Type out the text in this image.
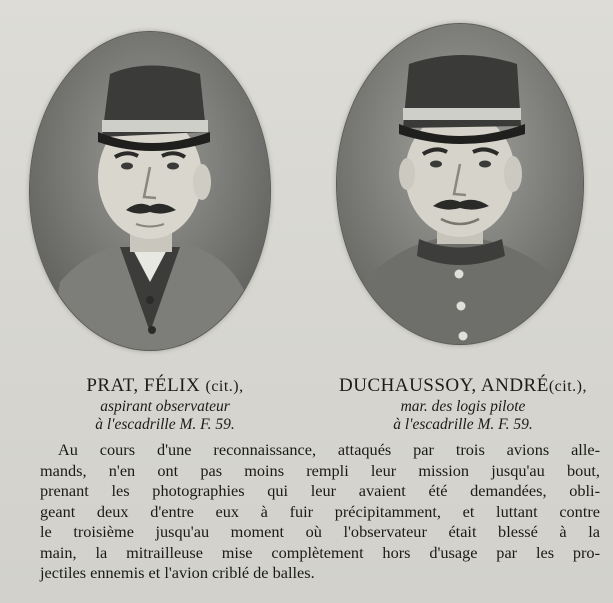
PRAT, FÉLIX (cit.),
aspirant observateur
à l'escadrille M. F. 59.
DUCHAUSSOY, ANDRÉ(cit.),
mar. des logis pilote
à l'escadrille M. F. 59.
Au cours d'une reconnaissance, attaqués par trois avions alle-
mands, n'en ont pas moins rempli leur mission jusqu'au bout,
prenant les photographies qui leur avaient été demandées, obli-
geant deux d'entre eux à fuir précipitamment, et luttant contre
le troisième jusqu'au moment où l'observateur était blessé à la
main, la mitrailleuse mise complètement hors d'usage par les pro-
jectiles ennemis et l'avion criblé de balles.
